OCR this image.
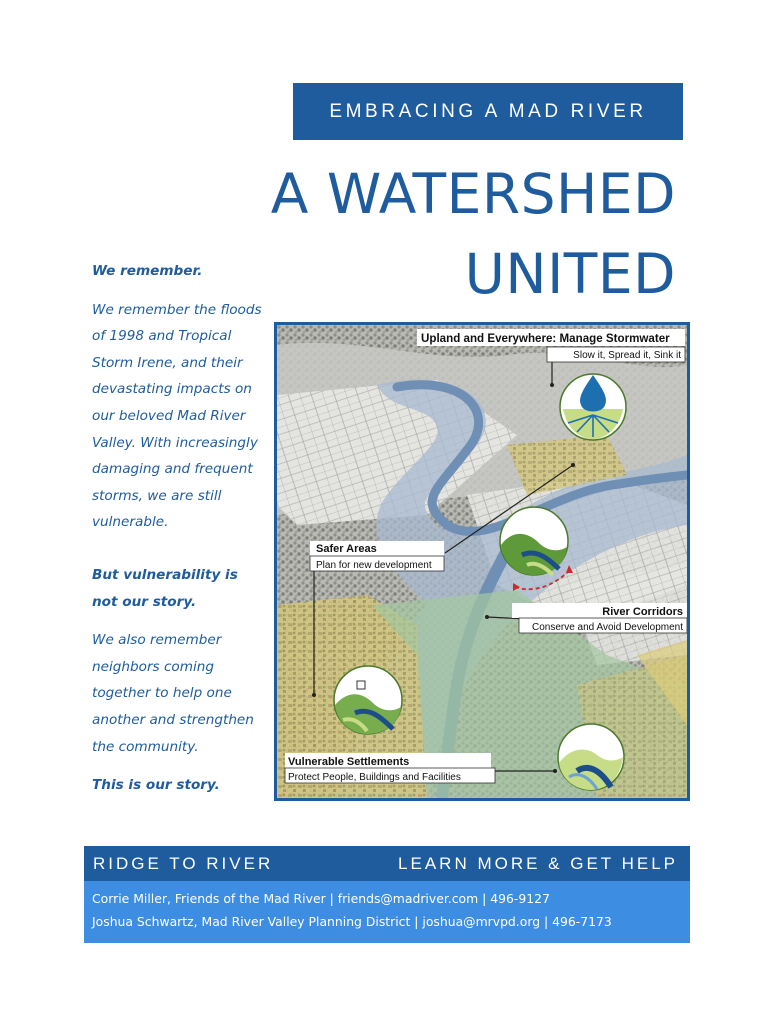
EMBRACING A MAD RIVER
A WATERSHED
UNITED

We remember.

We remember the floods of 1998 and Tropical Storm Irene, and their devastating impacts on our beloved Mad River Valley. With increasingly damaging and frequent storms, we are still vulnerable.

But vulnerability is not our story.

We also remember neighbors coming together to help one another and strengthen the community.

This is our story.

Upland and Everywhere: Manage Stormwater
Slow it, Spread it, Sink it
Safer Areas
Plan for new development
River Corridors
Conserve and Avoid Development
Vulnerable Settlements
Protect People, Buildings and Facilities
RIDGE TO RIVER	LEARN MORE & GET HELP
Corrie Miller, Friends of the Mad River | friends@madriver.com | 496-9127
Joshua Schwartz, Mad River Valley Planning District | joshua@mrvpd.org | 496-7173
